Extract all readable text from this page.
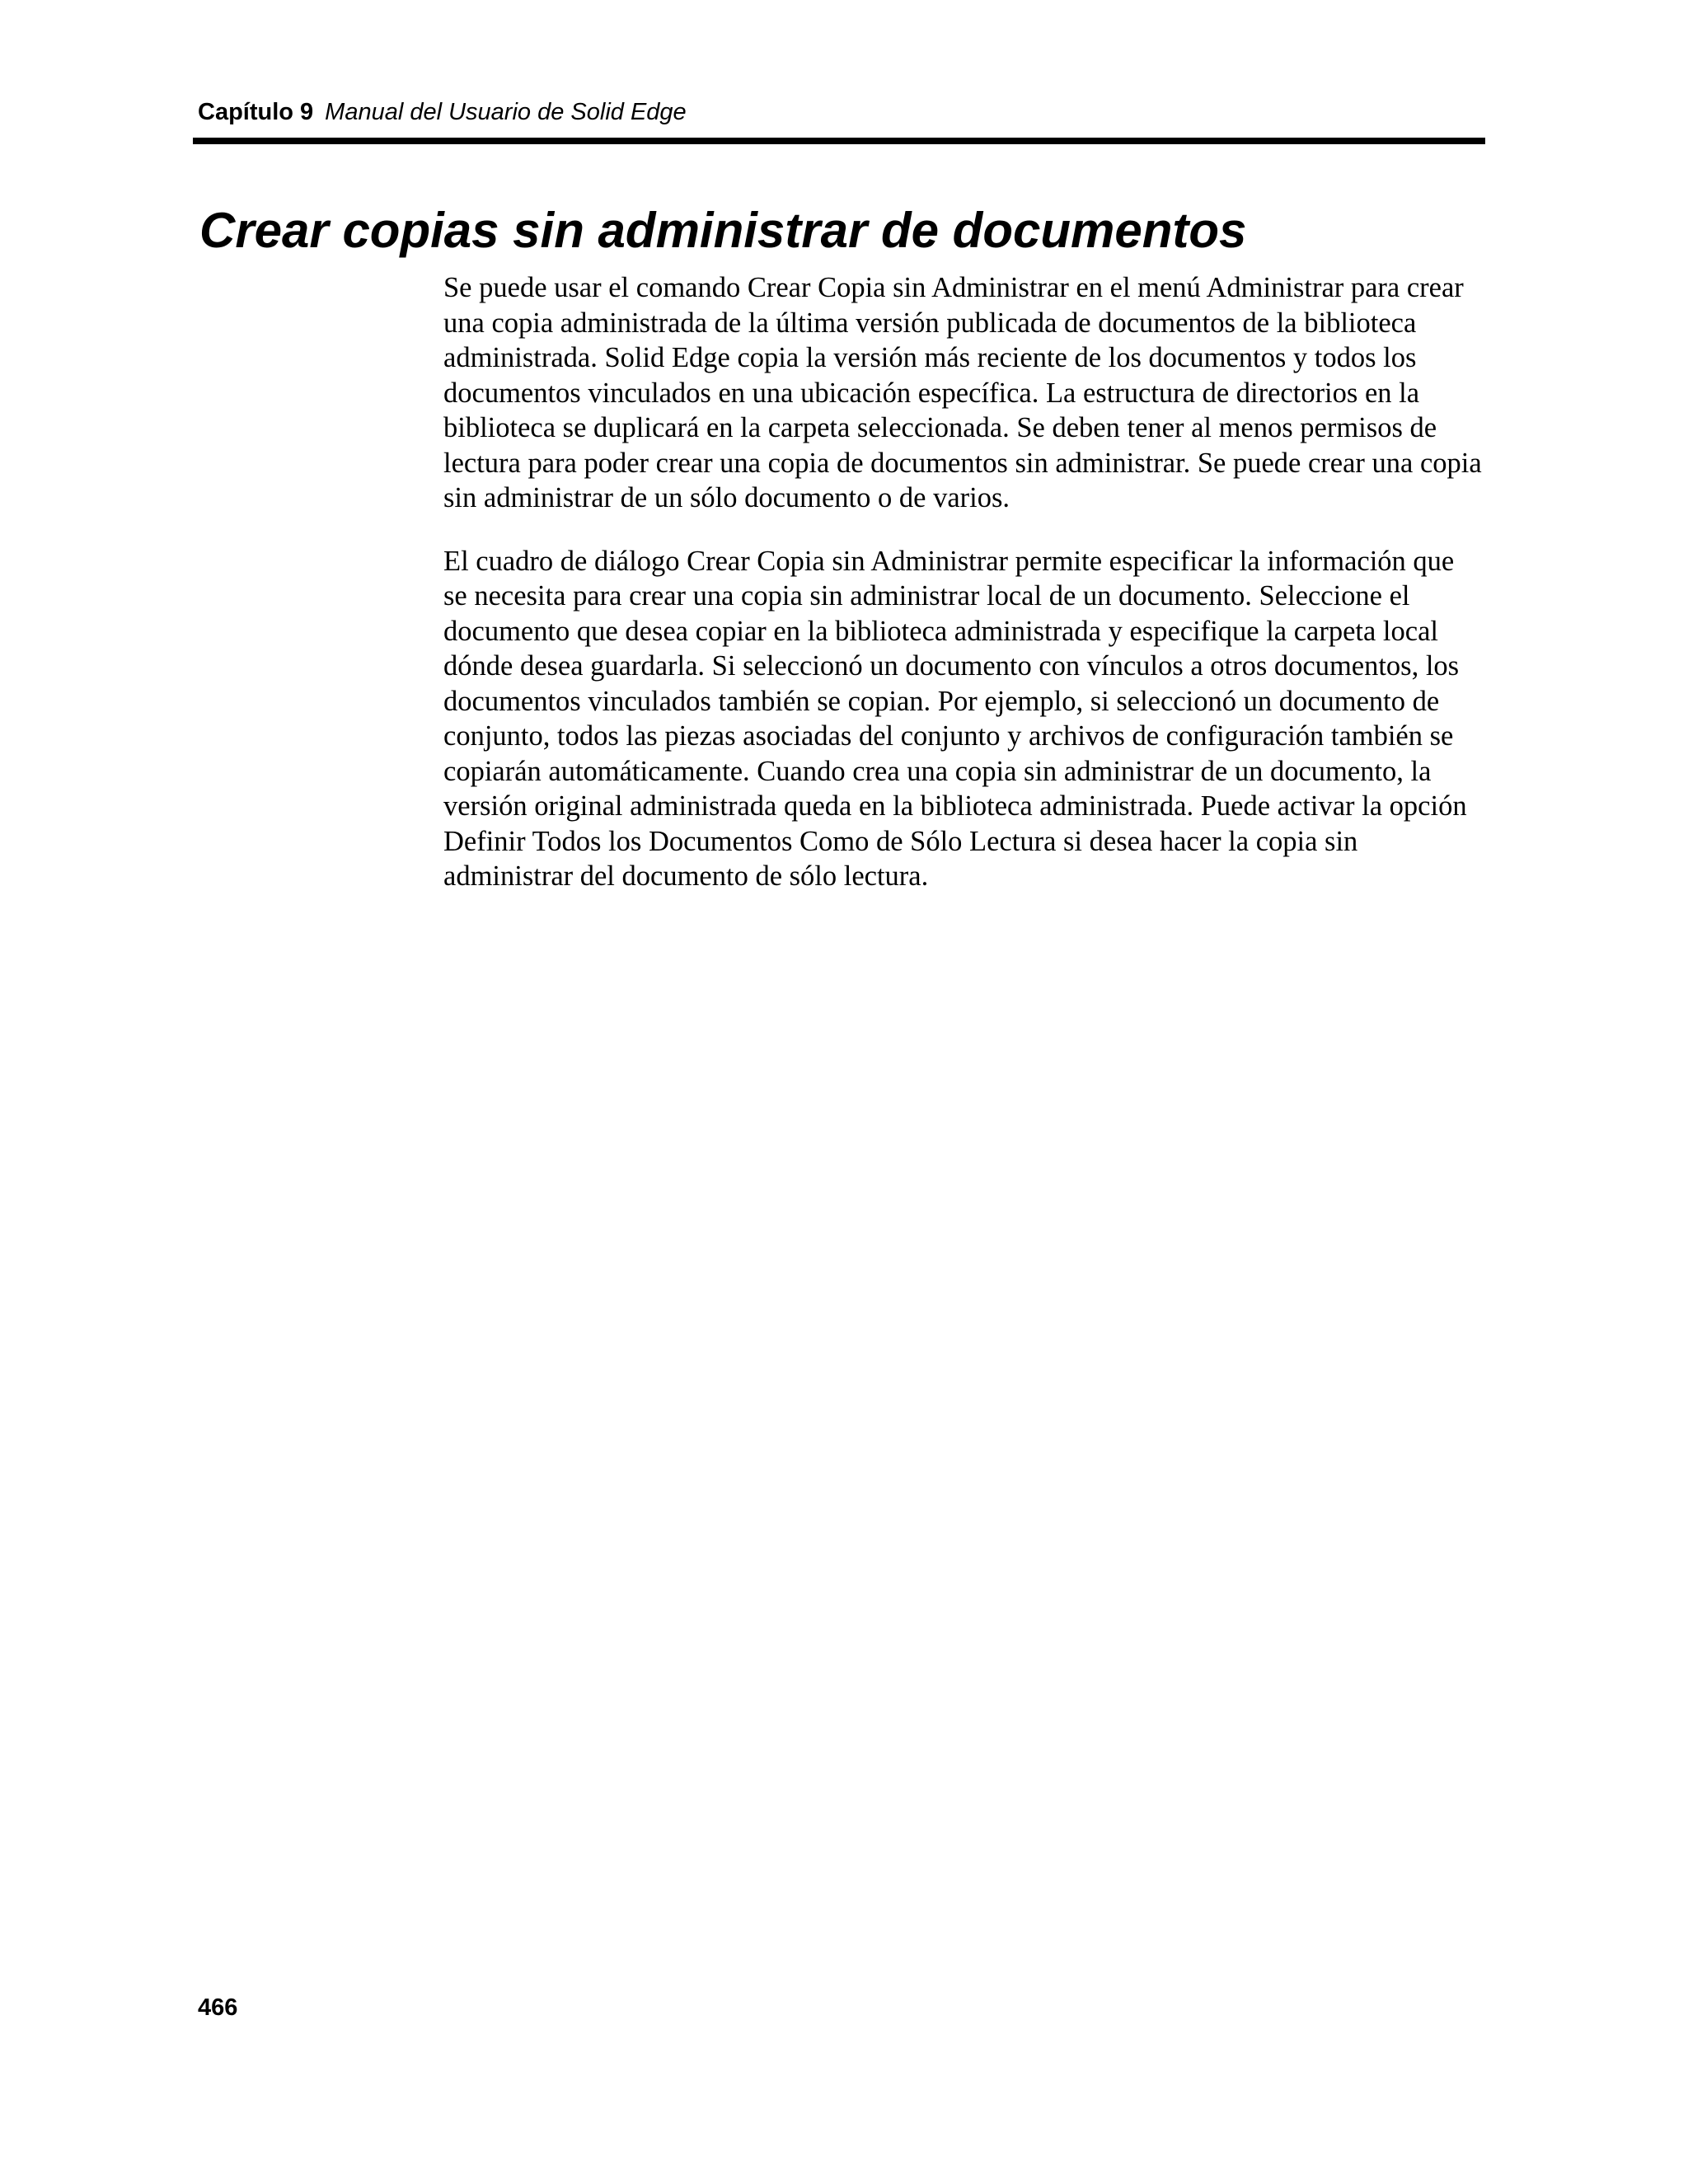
Capítulo 9 Manual del Usuario de Solid Edge
Crear copias sin administrar de documentos

Se puede usar el comando Crear Copia sin Administrar en el menú Administrar para crear una copia administrada de la última versión publicada de documentos de la biblioteca administrada. Solid Edge copia la versión más reciente de los documentos y todos los documentos vinculados en una ubicación específica. La estructura de directorios en la biblioteca se duplicará en la carpeta seleccionada. Se deben tener al menos permisos de lectura para poder crear una copia de documentos sin administrar. Se puede crear una copia sin administrar de un sólo documento o de varios.

El cuadro de diálogo Crear Copia sin Administrar permite especificar la información que se necesita para crear una copia sin administrar local de un documento. Seleccione el documento que desea copiar en la biblioteca administrada y especifique la carpeta local dónde desea guardarla. Si seleccionó un documento con vínculos a otros documentos, los documentos vinculados también se copian. Por ejemplo, si seleccionó un documento de conjunto, todos las piezas asociadas del conjunto y archivos de configuración también se copiarán automáticamente. Cuando crea una copia sin administrar de un documento, la versión original administrada queda en la biblioteca administrada. Puede activar la opción Definir Todos los Documentos Como de Sólo Lectura si desea hacer la copia sin administrar del documento de sólo lectura.

466
